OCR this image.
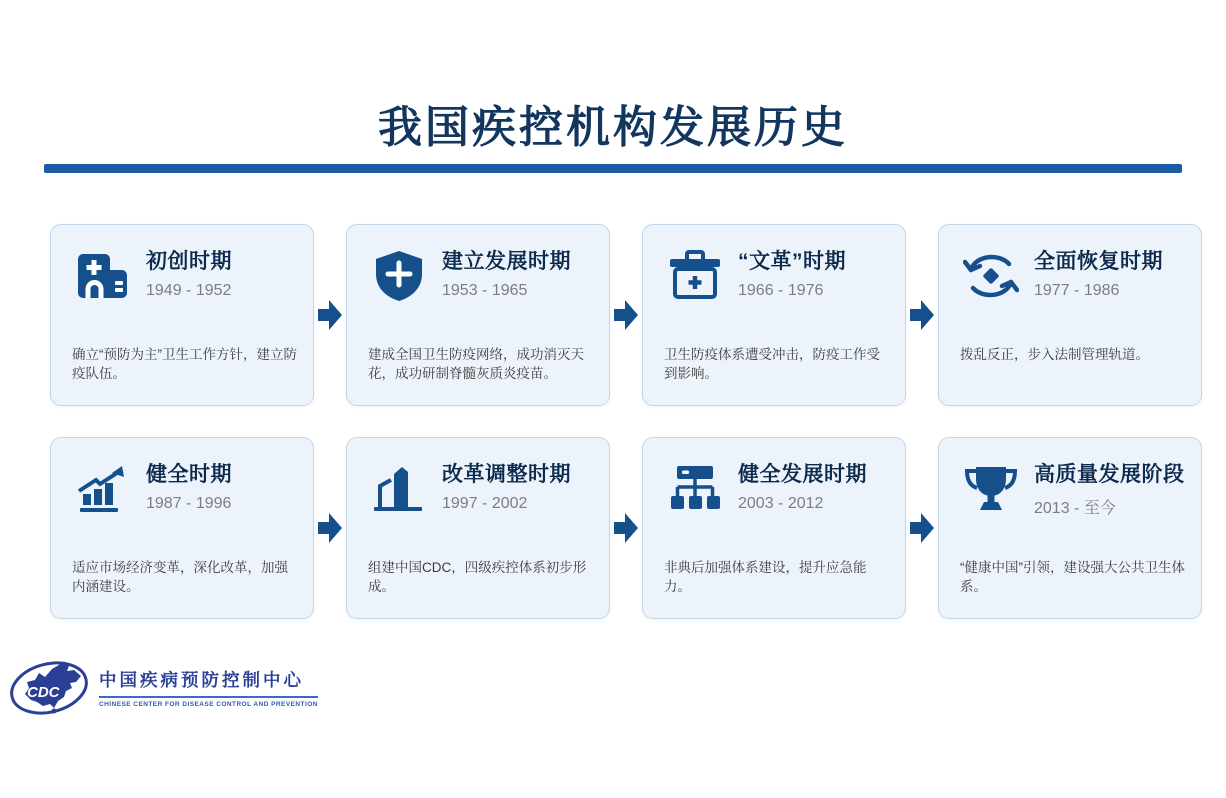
我国疾控机构发展历史
初创时期
1949 - 1952

确立“预防为主”卫生工作方针，建立防疫队伍。

建立发展时期
1953 - 1965

建成全国卫生防疫网络，成功消灭天花，成功研制脊髓灰质炎疫苗。

“文革”时期
1966 - 1976

卫生防疫体系遭受冲击，防疫工作受到影响。

全面恢复时期
1977 - 1986

拨乱反正，步入法制管理轨道。

健全时期
1987 - 1996

适应市场经济变革，深化改革，加强内涵建设。

改革调整时期
1997 - 2002

组建中国CDC，四级疾控体系初步形成。

健全发展时期
2003 - 2012

非典后加强体系建设，提升应急能力。

高质量发展阶段
2013 - 至今

“健康中国”引领，建设强大公共卫生体系。

CDC
中国疾病预防控制中心
CHINESE CENTER FOR DISEASE CONTROL AND PREVENTION
